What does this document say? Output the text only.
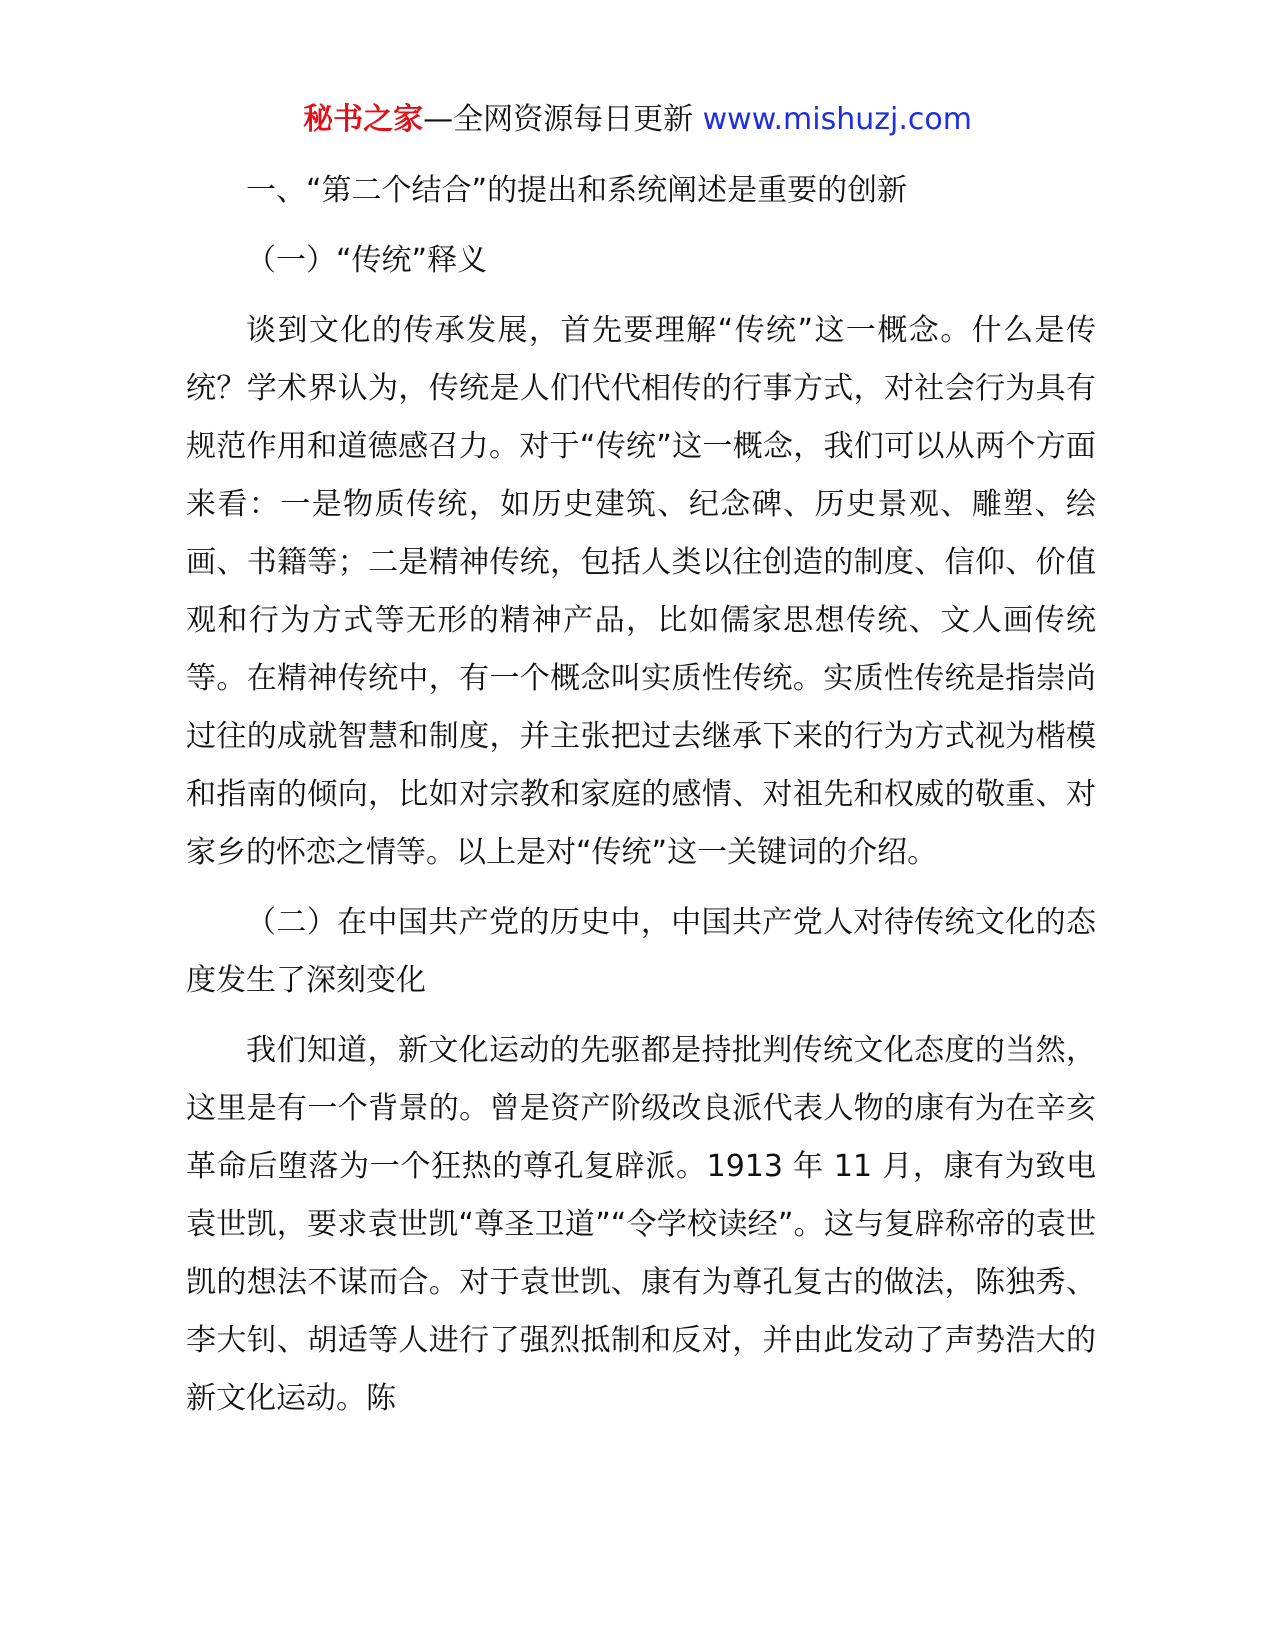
秘书之家—全网资源每日更新 www.mishuzj.com

一、“第二个结合”的提出和系统阐述是重要的创新

（一）“传统”释义

谈到文化的传承发展，首先要理解“传统”这一概念。什么是传统？学术界认为，传统是人们代代相传的行事方式，对社会行为具有规范作用和道德感召力。对于“传统”这一概念，我们可以从两个方面来看：一是物质传统，如历史建筑、纪念碑、历史景观、雕塑、绘画、书籍等；二是精神传统，包括人类以往创造的制度、信仰、价值观和行为方式等无形的精神产品，比如儒家思想传统、文人画传统等。在精神传统中，有一个概念叫实质性传统。实质性传统是指崇尚过往的成就智慧和制度，并主张把过去继承下来的行为方式视为楷模和指南的倾向，比如对宗教和家庭的感情、对祖先和权威的敬重、对家乡的怀恋之情等。以上是对“传统”这一关键词的介绍。

（二）在中国共产党的历史中，中国共产党人对待传统文化的态度发生了深刻变化

我们知道，新文化运动的先驱都是持批判传统文化态度的当然，这里是有一个背景的。曾是资产阶级改良派代表人物的康有为在辛亥革命后堕落为一个狂热的尊孔复辟派。1913 年 11 月，康有为致电袁世凯，要求袁世凯“尊圣卫道”“令学校读经”。这与复辟称帝的袁世凯的想法不谋而合。对于袁世凯、康有为尊孔复古的做法，陈独秀、李大钊、胡适等人进行了强烈抵制和反对，并由此发动了声势浩大的新文化运动。陈
